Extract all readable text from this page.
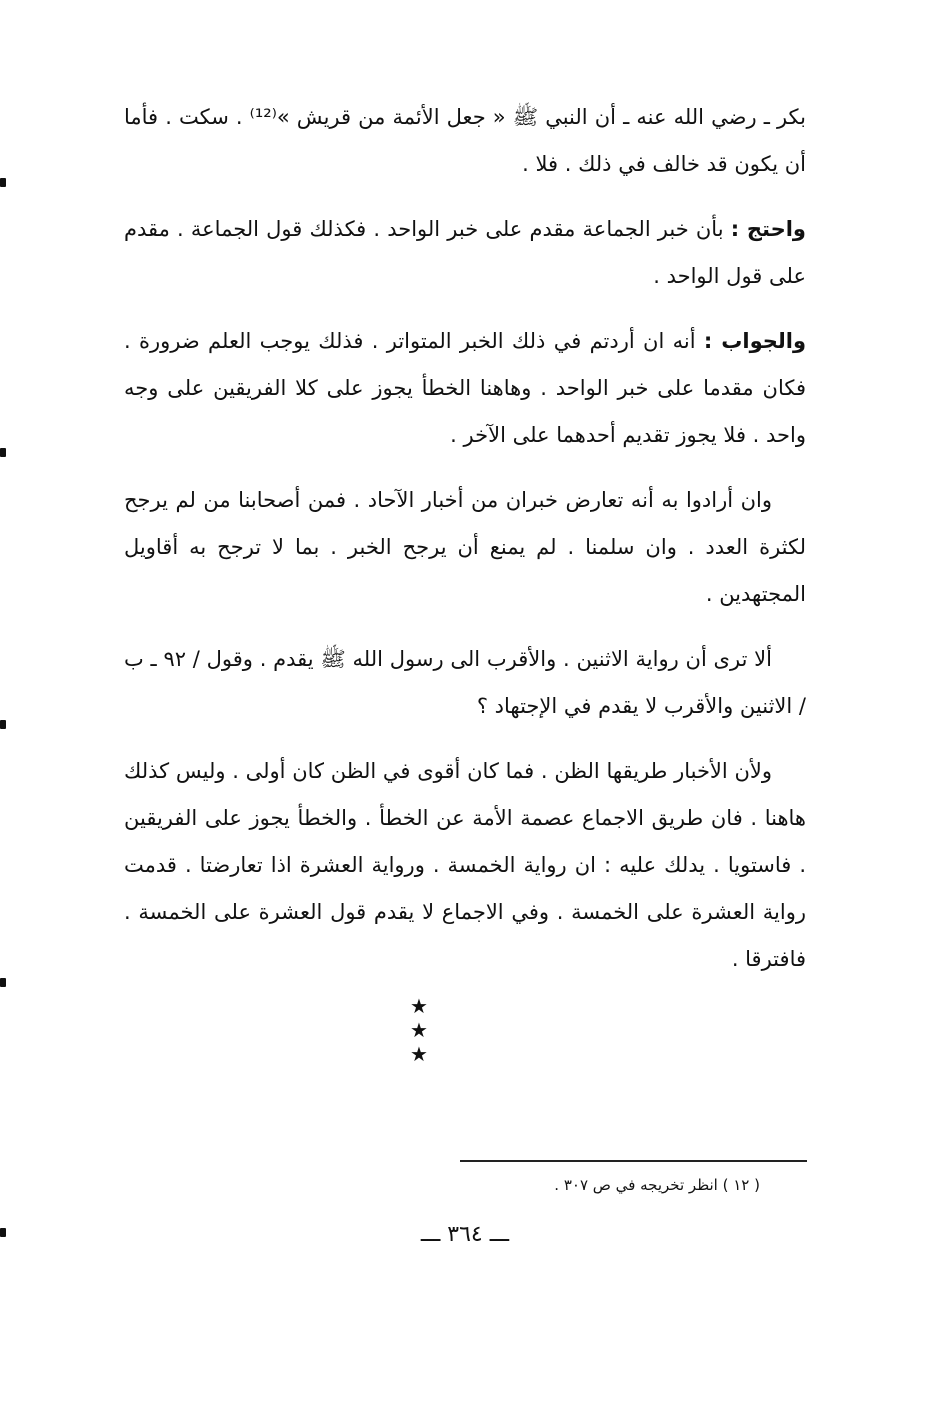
بكر ـ رضي الله عنه ـ أن النبي ﷺ « جعل الأئمة من قريش »⁽¹²⁾ . سكت . فأما أن يكون قد خالف في ذلك . فلا .

واحتج : بأن خبر الجماعة مقدم على خبر الواحد . فكذلك قول الجماعة . مقدم على قول الواحد .

والجواب : أنه ان أردتم في ذلك الخبر المتواتر . فذلك يوجب العلم ضرورة . فكان مقدما على خبر الواحد . وهاهنا الخطأ يجوز على كلا الفريقين على وجه واحد . فلا يجوز تقديم أحدهما على الآخر .

وان أرادوا به أنه تعارض خبران من أخبار الآحاد . فمن أصحابنا من لم يرجح لكثرة العدد . وان سلمنا . لم يمنع أن يرجح الخبر . بما لا ترجح به أقاويل المجتهدين .

ألا ترى أن رواية الاثنين . والأقرب الى رسول الله ﷺ يقدم . وقول / ٩٢ ـ ب / الاثنين والأقرب لا يقدم في الإجتهاد ؟

ولأن الأخبار طريقها الظن . فما كان أقوى في الظن كان أولى . وليس كذلك هاهنا . فان طريق الاجماع عصمة الأمة عن الخطأ . والخطأ يجوز على الفريقين . فاستويا . يدلك عليه : ان رواية الخمسة . ورواية العشرة اذا تعارضتا . قدمت رواية العشرة على الخمسة . وفي الاجماع لا يقدم قول العشرة على الخمسة . فافترقا .

★ ★ ★
( ١٢ ) انظر تخريجه في ص ٣٠٧ .
ـــ ٣٦٤ ـــ
